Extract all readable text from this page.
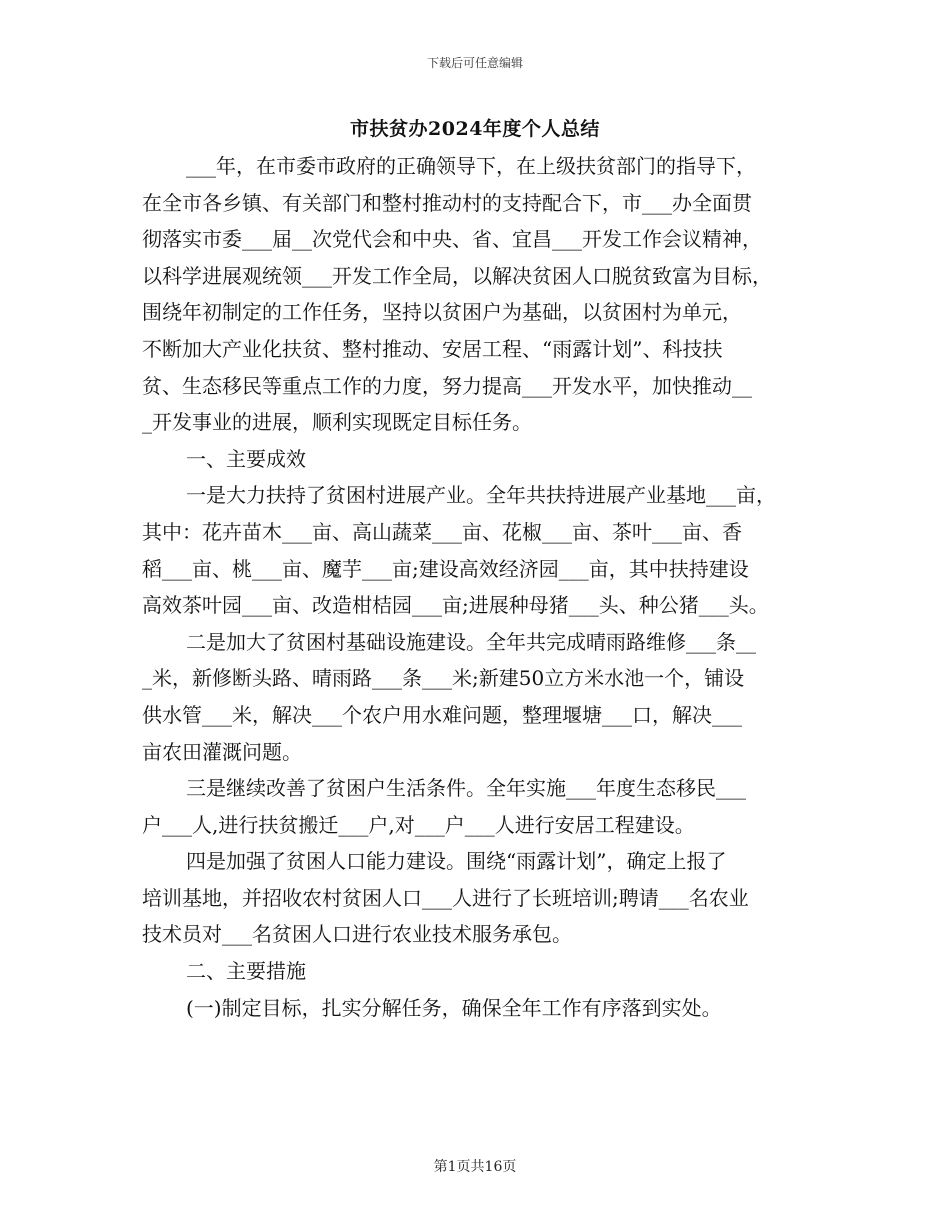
下载后可任意编辑
市扶贫办2024年度个人总结
___年，在市委市政府的正确领导下，在上级扶贫部门的指导下，
在全市各乡镇、有关部门和整村推动村的支持配合下，市___办全面贯
彻落实市委___届__次党代会和中央、省、宜昌___开发工作会议精神，
以科学进展观统领___开发工作全局，以解决贫困人口脱贫致富为目标，
围绕年初制定的工作任务，坚持以贫困户为基础，以贫困村为单元，
不断加大产业化扶贫、整村推动、安居工程、“雨露计划”、科技扶
贫、生态移民等重点工作的力度，努力提高___开发水平，加快推动__
_开发事业的进展，顺利实现既定目标任务。
一、主要成效
一是大力扶持了贫困村进展产业。全年共扶持进展产业基地___亩，
其中：花卉苗木___亩、高山蔬菜___亩、花椒___亩、茶叶___亩、香
稻___亩、桃___亩、魔芋___亩;建设高效经济园___亩，其中扶持建设
高效茶叶园___亩、改造柑桔园___亩;进展种母猪___头、种公猪___头。
二是加大了贫困村基础设施建设。全年共完成晴雨路维修___条__
_米，新修断头路、晴雨路___条___米;新建50立方米水池一个，铺设
供水管___米，解决___个农户用水难问题，整理堰塘___口，解决___
亩农田灌溉问题。
三是继续改善了贫困户生活条件。全年实施___年度生态移民___
户___人,进行扶贫搬迁___户,对___户___人进行安居工程建设。
四是加强了贫困人口能力建设。围绕“雨露计划”，确定上报了
培训基地，并招收农村贫困人口___人进行了长班培训;聘请___名农业
技术员对___名贫困人口进行农业技术服务承包。
二、主要措施
(一)制定目标，扎实分解任务，确保全年工作有序落到实处。
第1页共16页
